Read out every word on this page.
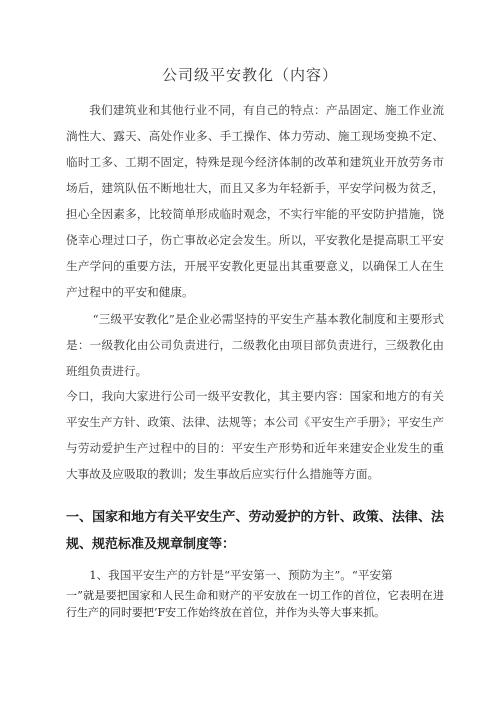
公司级平安教化（内容）

我们建筑业和其他行业不同，有自己的特点：产品固定、施工作业流淌性大、露天、高处作业多、手工操作、体力劳动、施工现场变换不定、临时工多、工期不固定，特殊是现今经济体制的改革和建筑业开放劳务市场后，建筑队伍不断地壮大，而且又多为年轻新手，平安学问极为贫乏，担心全因素多，比较简单形成临时观念，不实行牢能的平安防护措施，饶侥幸心理过口子，伤亡事故必定会发生。所以，平安教化是提高职工平安生产学问的重要方法，开展平安教化更显出其重要意义，以确保工人在生产过程中的平安和健康。

“三级平安教化”是企业必需坚持的平安生产基本教化制度和主要形式是：一级教化由公司负责进行，二级教化由项目部负责进行，三级教化由班组负责进行。

今口，我向大家进行公司一级平安教化，其主要内容：国家和地方的有关平安生产方针、政策、法律、法规等；本公司《平安生产手册》；平安生产与劳动爱护生产过程中的目的：平安生产形势和近年来建安企业发生的重大事故及应吸取的教训；发生事故后应实行什么措施等方面。

一、国家和地方有关平安生产、劳动爱护的方针、政策、法律、法规、规范标准及规章制度等：

1、我国平安生产的方针是“平安第一、预防为主”。“平安第

一”就是要把国家和人民生命和财产的平安放在一切工作的首位，它表明在进行生产的同时要把’F安工作始终放在首位，并作为头等大事来抓。
